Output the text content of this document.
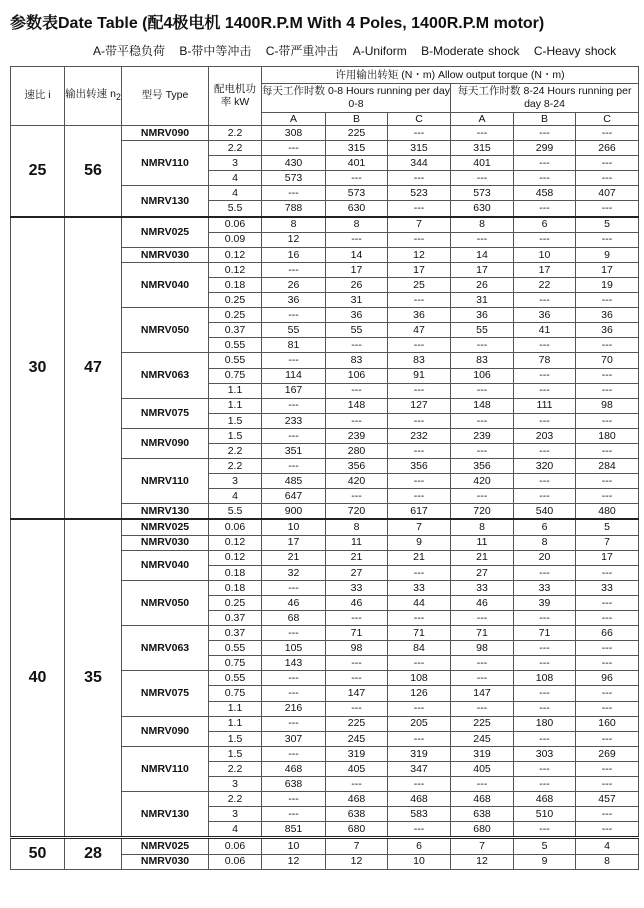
参数表Date Table (配4极电机 1400R.P.M With 4 Poles, 1400R.P.M motor)
A-带平稳负荷 B-带中等冲击 C-带严重冲击 A-Uniform B-Moderate shock C-Heavy shock
速比 i	输出转速 $n_2$	型号 Type	配电机功率 kW	许用输出转矩 (N・m) Allow output torque (N・m)					
				每天工作时数 0-8 Hours running per day 0-8			每天工作时数 8-24 Hours running per day 8-24		
				A	B	C	A	B	C
25	56	NMRV090	2.2	308	225	---	---	---	---
		NMRV110	2.2	---	315	315	315	299	266
			3	430	401	344	401	---	---
			4	573	---	---	---	---	---
		NMRV130	4	---	573	523	573	458	407
			5.5	788	630	---	630	---	---
30	47	NMRV025	0.06	8	8	7	8	6	5
			0.09	12	---	---	---	---	---
		NMRV030	0.12	16	14	12	14	10	9
		NMRV040	0.12	---	17	17	17	17	17
			0.18	26	26	25	26	22	19
			0.25	36	31	---	31	---	---
		NMRV050	0.25	---	36	36	36	36	36
			0.37	55	55	47	55	41	36
			0.55	81	---	---	---	---	---
		NMRV063	0.55	---	83	83	83	78	70
			0.75	114	106	91	106	---	---
			1.1	167	---	---	---	---	---
		NMRV075	1.1	---	148	127	148	111	98
			1.5	233	---	---	---	---	---
		NMRV090	1.5	---	239	232	239	203	180
			2.2	351	280	---	---	---	---
		NMRV110	2.2	---	356	356	356	320	284
			3	485	420	---	420	---	---
			4	647	---	---	---	---	---
		NMRV130	5.5	900	720	617	720	540	480
40	35	NMRV025	0.06	10	8	7	8	6	5
		NMRV030	0.12	17	11	9	11	8	7
		NMRV040	0.12	21	21	21	21	20	17
			0.18	32	27	---	27	---	---
		NMRV050	0.18	---	33	33	33	33	33
			0.25	46	46	44	46	39	---
			0.37	68	---	---	---	---	---
		NMRV063	0.37	---	71	71	71	71	66
			0.55	105	98	84	98	---	---
			0.75	143	---	---	---	---	---
		NMRV075	0.55	---	---	108	---	108	96
			0.75	---	147	126	147	---	---
			1.1	216	---	---	---	---	---
		NMRV090	1.1	---	225	205	225	180	160
			1.5	307	245	---	245	---	---
		NMRV110	1.5	---	319	319	319	303	269
			2.2	468	405	347	405	---	---
			3	638	---	---	---	---	---
		NMRV130	2.2	---	468	468	468	468	457
			3	---	638	583	638	510	---
			4	851	680	---	680	---	---
50	28	NMRV025	0.06	10	7	6	7	5	4
		NMRV030	0.06	12	12	10	12	9	8
